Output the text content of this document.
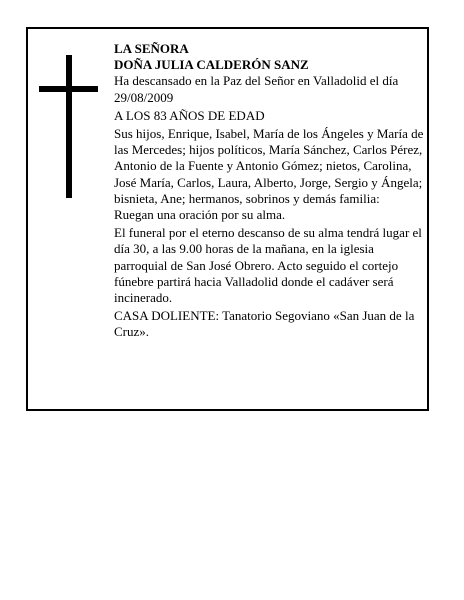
LA SEÑORA

DOÑA JULIA CALDERÓN SANZ

Ha descansado en la Paz del Señor en Valladolid el día 29/08/2009

A LOS 83 AÑOS DE EDAD

Sus hijos, Enrique, Isabel, María de los Ángeles y María de las Mercedes; hijos políticos, María Sánchez, Carlos Pérez, Antonio de la Fuente y Antonio Gómez; nietos, Carolina, José María, Carlos, Laura, Alberto, Jorge, Sergio y Ángela; bisnieta, Ane; hermanos, sobrinos y demás familia:

Ruegan una oración por su alma.

El funeral por el eterno descanso de su alma tendrá lugar el día 30, a las 9.00 horas de la mañana, en la iglesia parroquial de San José Obrero. Acto seguido el cortejo fúnebre partirá hacia Valladolid donde el cadáver será incinerado.

CASA DOLIENTE: Tanatorio Segoviano «San Juan de la Cruz».
